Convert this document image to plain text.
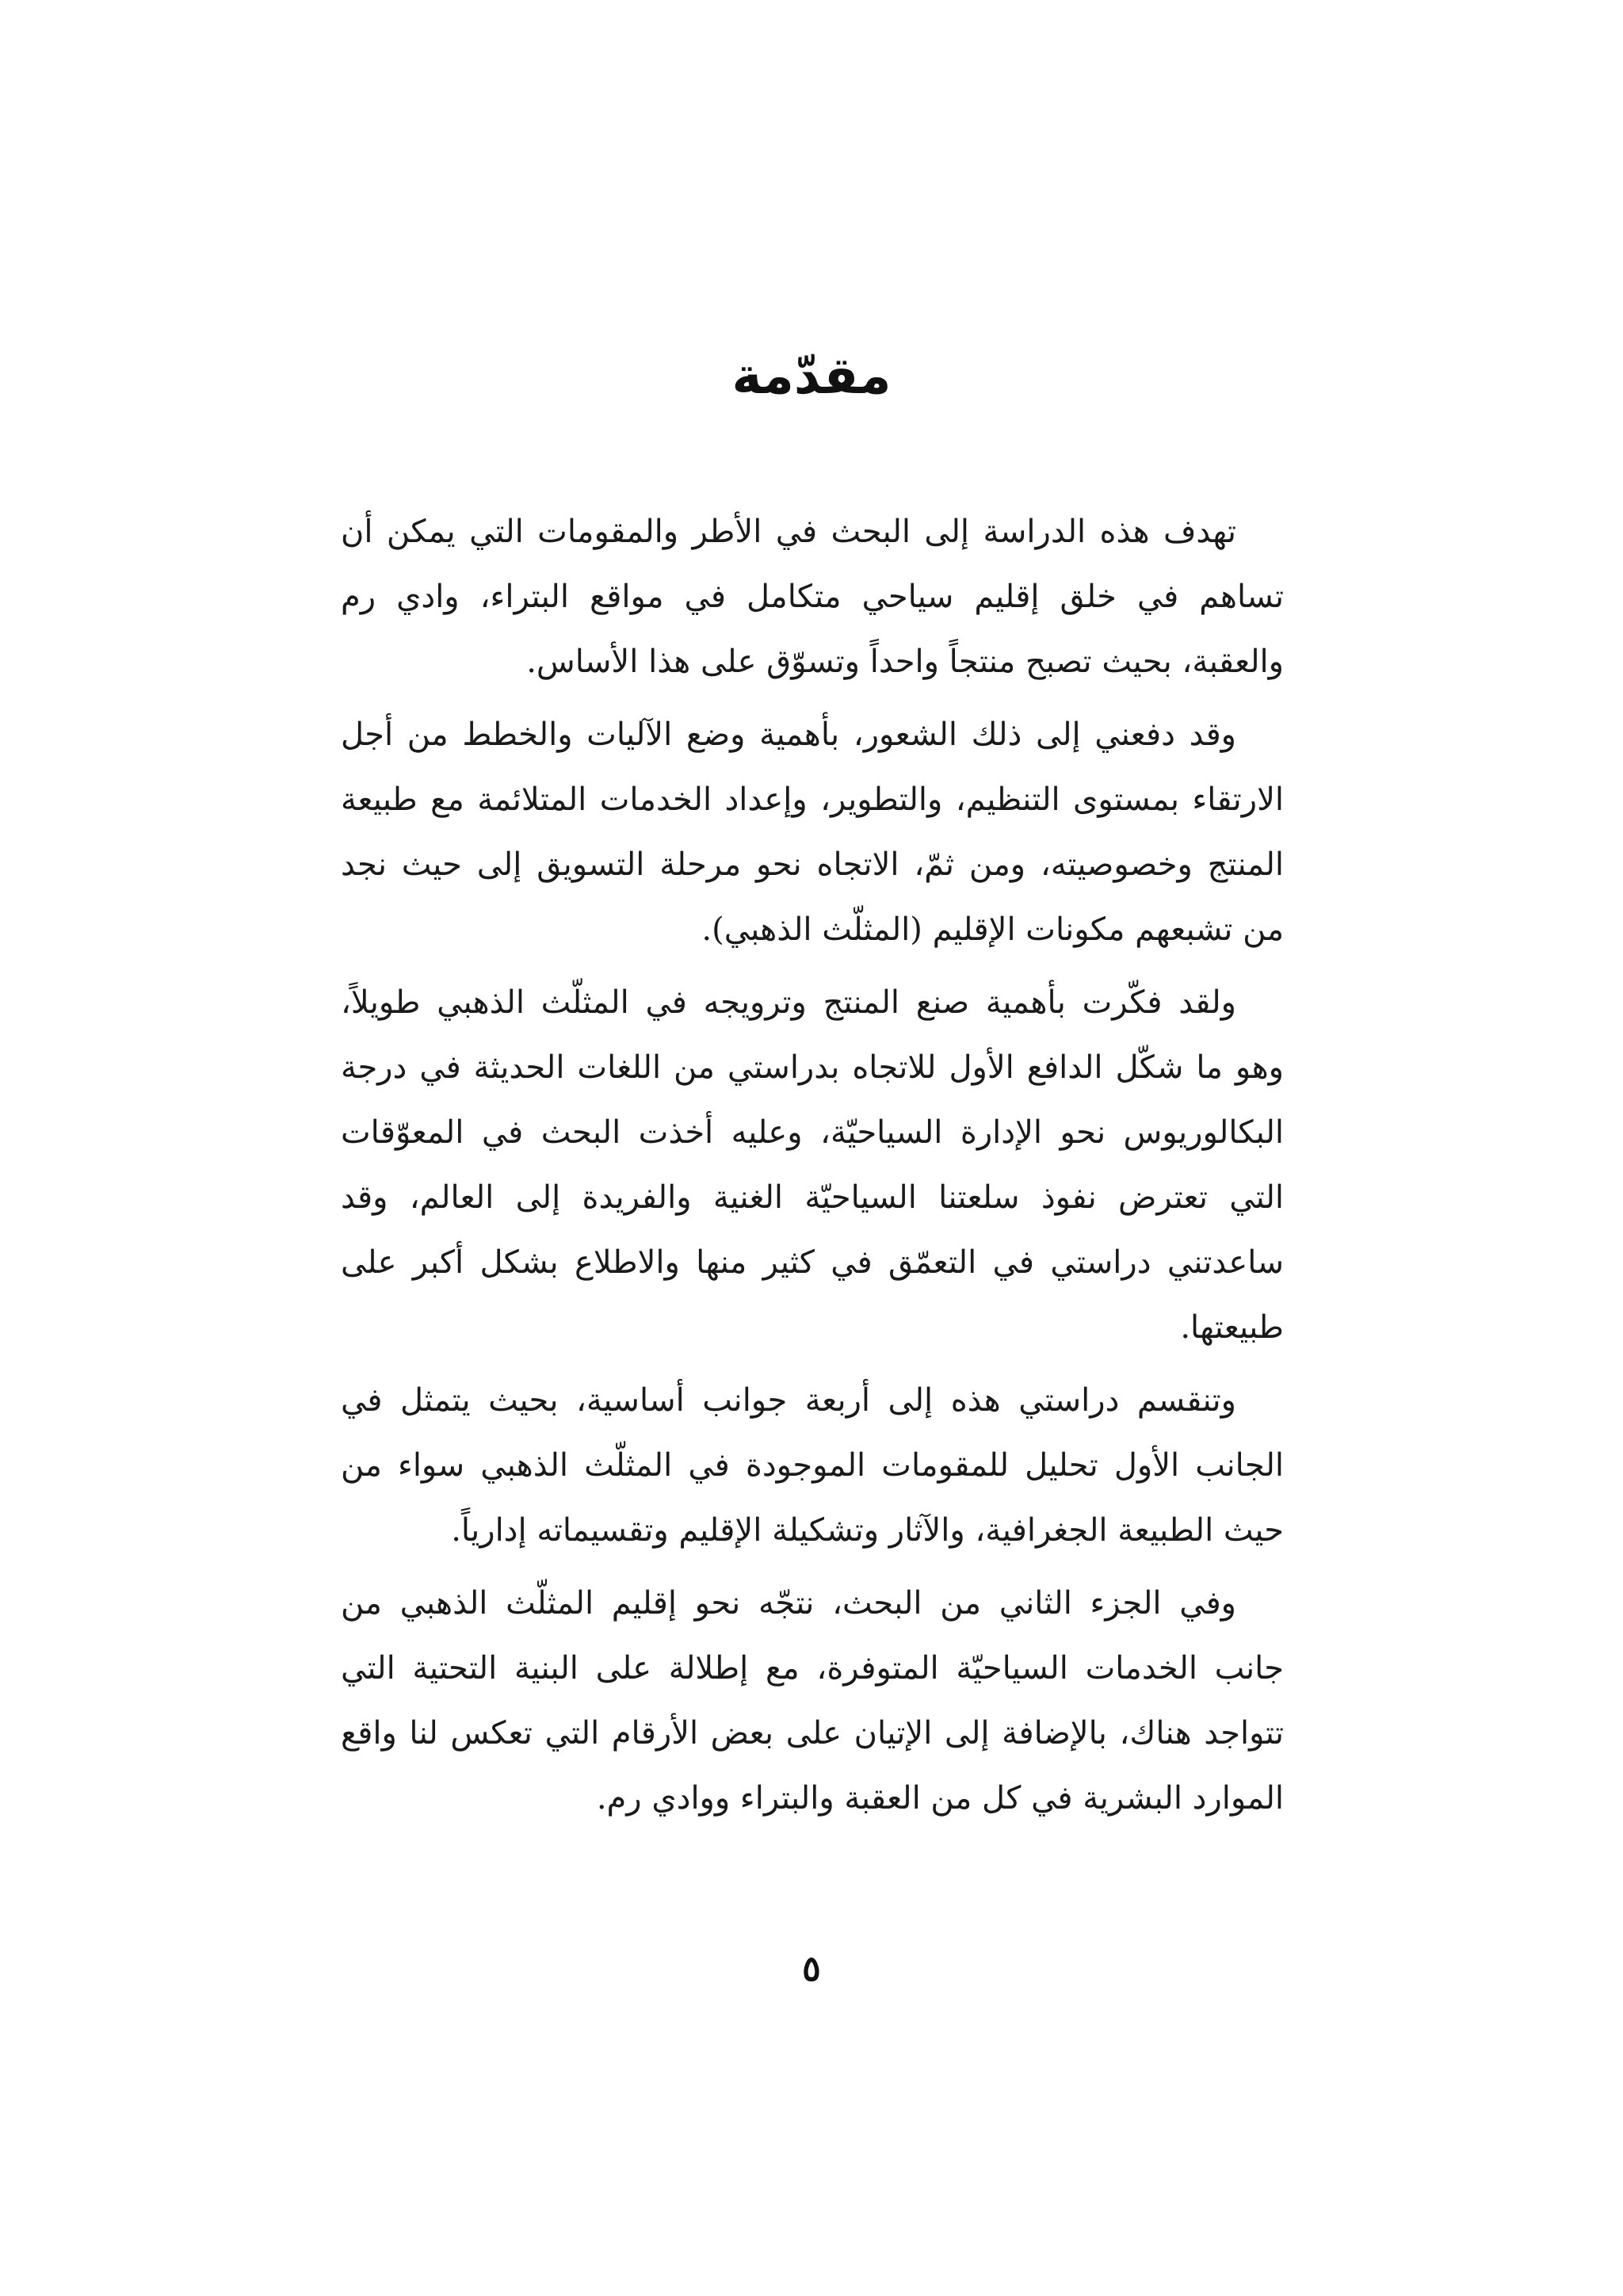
مقدّمة

تهدف هذه الدراسة إلى البحث في الأطر والمقومات التي يمكن أن تساهم في خلق إقليم سياحي متكامل في مواقع البتراء، وادي رم والعقبة، بحيث تصبح منتجاً واحداً وتسوّق على هذا الأساس.

وقد دفعني إلى ذلك الشعور، بأهمية وضع الآليات والخطط من أجل الارتقاء بمستوى التنظيم، والتطوير، وإعداد الخدمات المتلائمة مع طبيعة المنتج وخصوصيته، ومن ثمّ، الاتجاه نحو مرحلة التسويق إلى حيث نجد من تشبعهم مكونات الإقليم (المثلّث الذهبي).

ولقد فكّرت بأهمية صنع المنتج وترويجه في المثلّث الذهبي طويلاً، وهو ما شكّل الدافع الأول للاتجاه بدراستي من اللغات الحديثة في درجة البكالوريوس نحو الإدارة السياحيّة، وعليه أخذت البحث في المعوّقات التي تعترض نفوذ سلعتنا السياحيّة الغنية والفريدة إلى العالم، وقد ساعدتني دراستي في التعمّق في كثير منها والاطلاع بشكل أكبر على طبيعتها.

وتنقسم دراستي هذه إلى أربعة جوانب أساسية، بحيث يتمثل في الجانب الأول تحليل للمقومات الموجودة في المثلّث الذهبي سواء من حيث الطبيعة الجغرافية، والآثار وتشكيلة الإقليم وتقسيماته إدارياً.

وفي الجزء الثاني من البحث، نتجّه نحو إقليم المثلّث الذهبي من جانب الخدمات السياحيّة المتوفرة، مع إطلالة على البنية التحتية التي تتواجد هناك، بالإضافة إلى الإتيان على بعض الأرقام التي تعكس لنا واقع الموارد البشرية في كل من العقبة والبتراء ووادي رم.

٥
